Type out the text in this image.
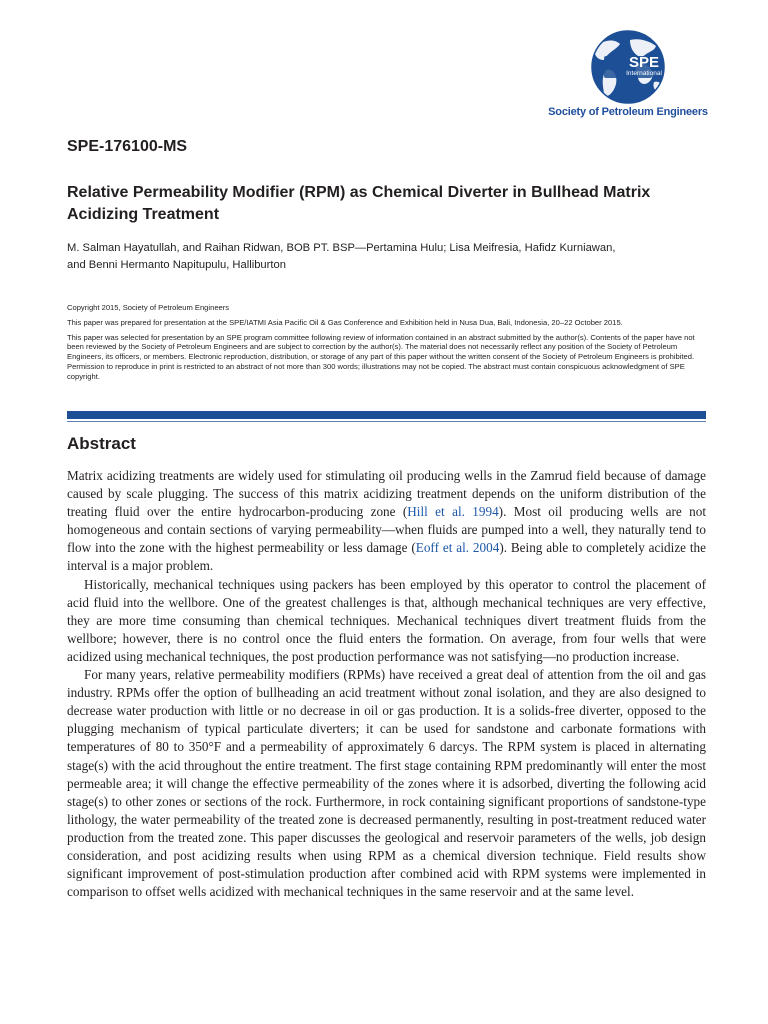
SPE
International
Society of Petroleum Engineers
SPE-176100-MS
Relative Permeability Modifier (RPM) as Chemical Diverter in Bullhead Matrix Acidizing Treatment
M. Salman Hayatullah, and Raihan Ridwan, BOB PT. BSP—Pertamina Hulu; Lisa Meifresia, Hafidz Kurniawan,
and Benni Hermanto Napitupulu, Halliburton

Copyright 2015, Society of Petroleum Engineers

This paper was prepared for presentation at the SPE/IATMI Asia Pacific Oil & Gas Conference and Exhibition held in Nusa Dua, Bali, Indonesia, 20–22 October 2015.

This paper was selected for presentation by an SPE program committee following review of information contained in an abstract submitted by the author(s). Contents of the paper have not been reviewed by the Society of Petroleum Engineers and are subject to correction by the author(s). The material does not necessarily reflect any position of the Society of Petroleum Engineers, its officers, or members. Electronic reproduction, distribution, or storage of any part of this paper without the written consent of the Society of Petroleum Engineers is prohibited. Permission to reproduce in print is restricted to an abstract of not more than 300 words; illustrations may not be copied. The abstract must contain conspicuous acknowledgment of SPE copyright.

Abstract

Matrix acidizing treatments are widely used for stimulating oil producing wells in the Zamrud field because of damage caused by scale plugging. The success of this matrix acidizing treatment depends on the uniform distribution of the treating fluid over the entire hydrocarbon-producing zone (Hill et al. 1994). Most oil producing wells are not homogeneous and contain sections of varying permeability—when fluids are pumped into a well, they naturally tend to flow into the zone with the highest permeability or less damage (Eoff et al. 2004). Being able to completely acidize the interval is a major problem.

Historically, mechanical techniques using packers has been employed by this operator to control the placement of acid fluid into the wellbore. One of the greatest challenges is that, although mechanical techniques are very effective, they are more time consuming than chemical techniques. Mechanical techniques divert treatment fluids from the wellbore; however, there is no control once the fluid enters the formation. On average, from four wells that were acidized using mechanical techniques, the post production performance was not satisfying—no production increase.

For many years, relative permeability modifiers (RPMs) have received a great deal of attention from the oil and gas industry. RPMs offer the option of bullheading an acid treatment without zonal isolation, and they are also designed to decrease water production with little or no decrease in oil or gas production. It is a solids-free diverter, opposed to the plugging mechanism of typical particulate diverters; it can be used for sandstone and carbonate formations with temperatures of 80 to 350°F and a permeability of approximately 6 darcys. The RPM system is placed in alternating stage(s) with the acid throughout the entire treatment. The first stage containing RPM predominantly will enter the most permeable area; it will change the effective permeability of the zones where it is adsorbed, diverting the following acid stage(s) to other zones or sections of the rock. Furthermore, in rock containing significant proportions of sandstone-type lithology, the water permeability of the treated zone is decreased permanently, resulting in post-treatment reduced water production from the treated zone. This paper discusses the geological and reservoir parameters of the wells, job design consideration, and post acidizing results when using RPM as a chemical diversion technique. Field results show significant improvement of post-stimulation production after combined acid with RPM systems were implemented in comparison to offset wells acidized with mechanical techniques in the same reservoir and at the same level.
